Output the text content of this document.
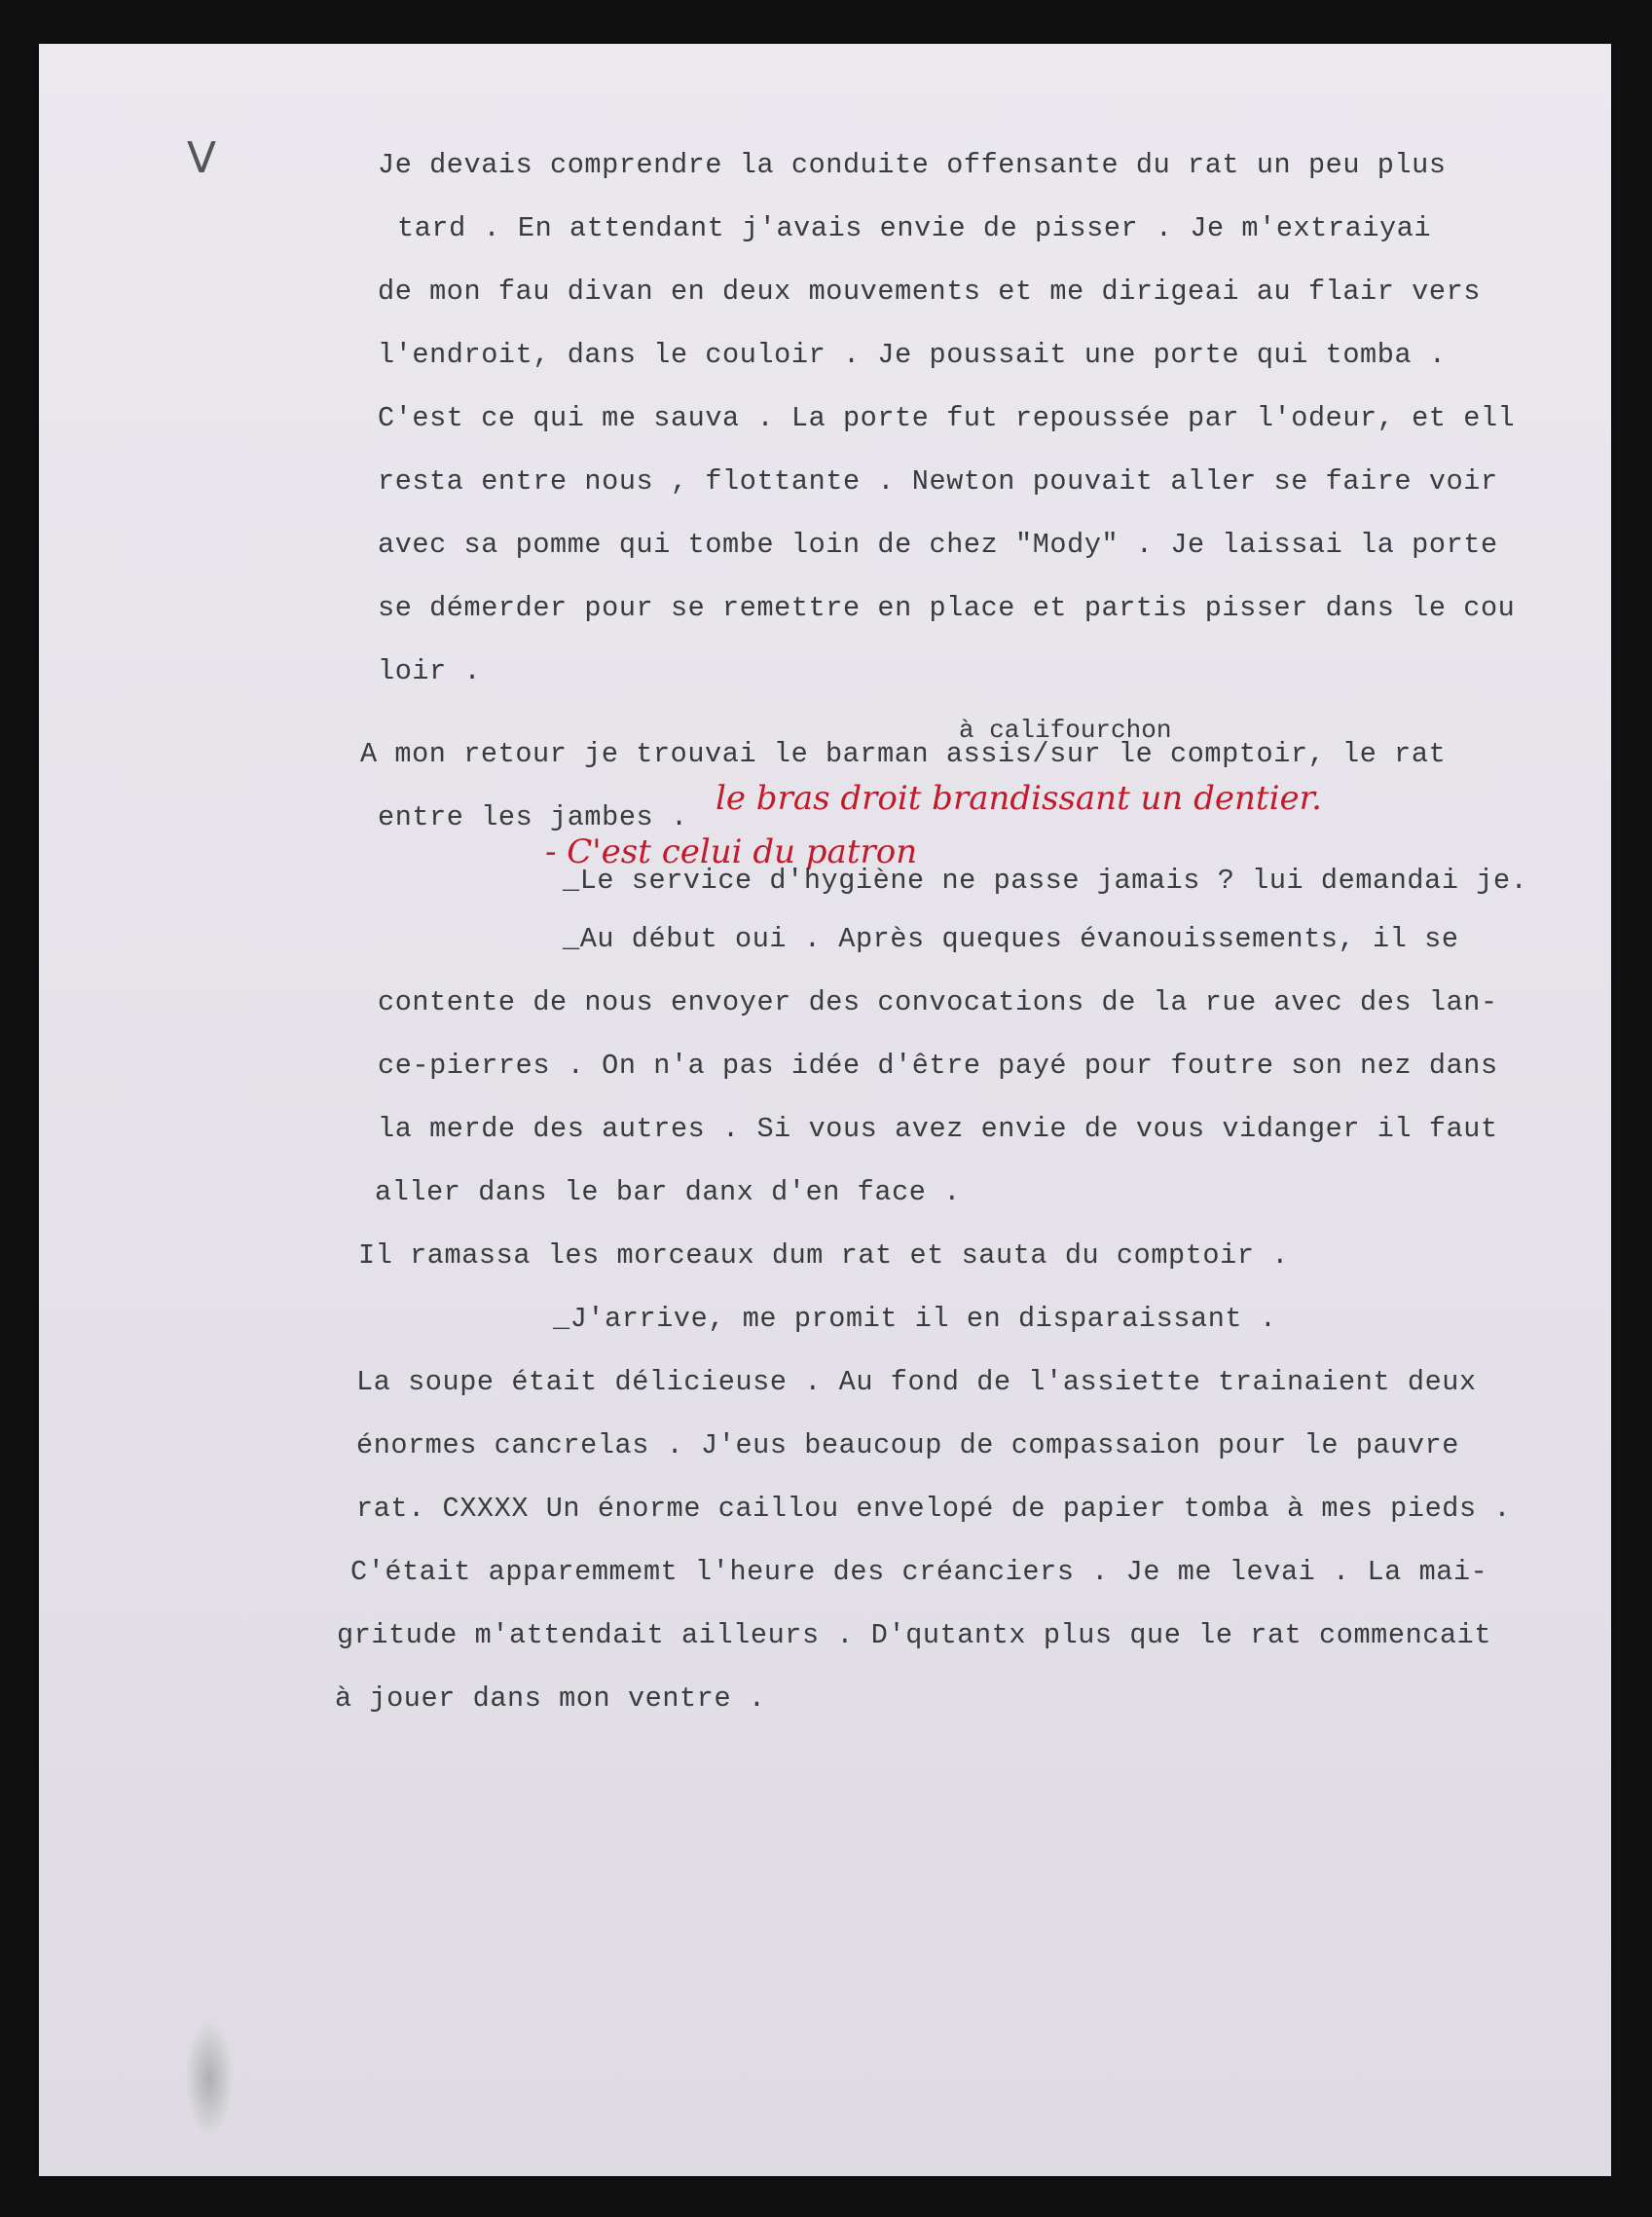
V	Je devais comprendre la conduite offensante du rat un peu plus
tard . En attendant j'avais envie de pisser . Je m'extraiyai
de mon fau divan en deux mouvements et me dirigeai au flair vers
l'endroit, dans le couloir . Je poussait une porte qui tomba .
C'est ce qui me sauva . La porte fut repoussée par l'odeur, et ell
resta entre nous , flottante . Newton pouvait aller se faire voir
avec sa pomme qui tombe loin de chez "Mody" . Je laissai la porte
se démerder pour se remettre en place et partis pisser dans le cou
loir .
à califourchon
A mon retour je trouvai le barman assis/sur le comptoir, le rat
entre les jambes . le bras droit brandissant un dentier.
- C'est celui du patron
_Le service d'hygiène ne passe jamais ? lui demandai je.
_Au début oui . Après queques évanouissements, il se
contente de nous envoyer des convocations de la rue avec des lan-
ce-pierres . On n'a pas idée d'être payé pour foutre son nez dans
la merde des autres . Si vous avez envie de vous vidanger il faut
aller dans le bar danx d'en face .
Il ramassa les morceaux dum rat et sauta du comptoir .
_J'arrive, me promit il en disparaissant .
La soupe était délicieuse . Au fond de l'assiette trainaient deux
énormes cancrelas . J'eus beaucoup de compassaion pour le pauvre
rat. CXXXX Un énorme caillou envelopé de papier tomba à mes pieds .
C'était apparemmemt l'heure des créanciers . Je me levai . La mai-
gritude m'attendait ailleurs . D'qutantx plus que le rat commencait
à jouer dans mon ventre .
